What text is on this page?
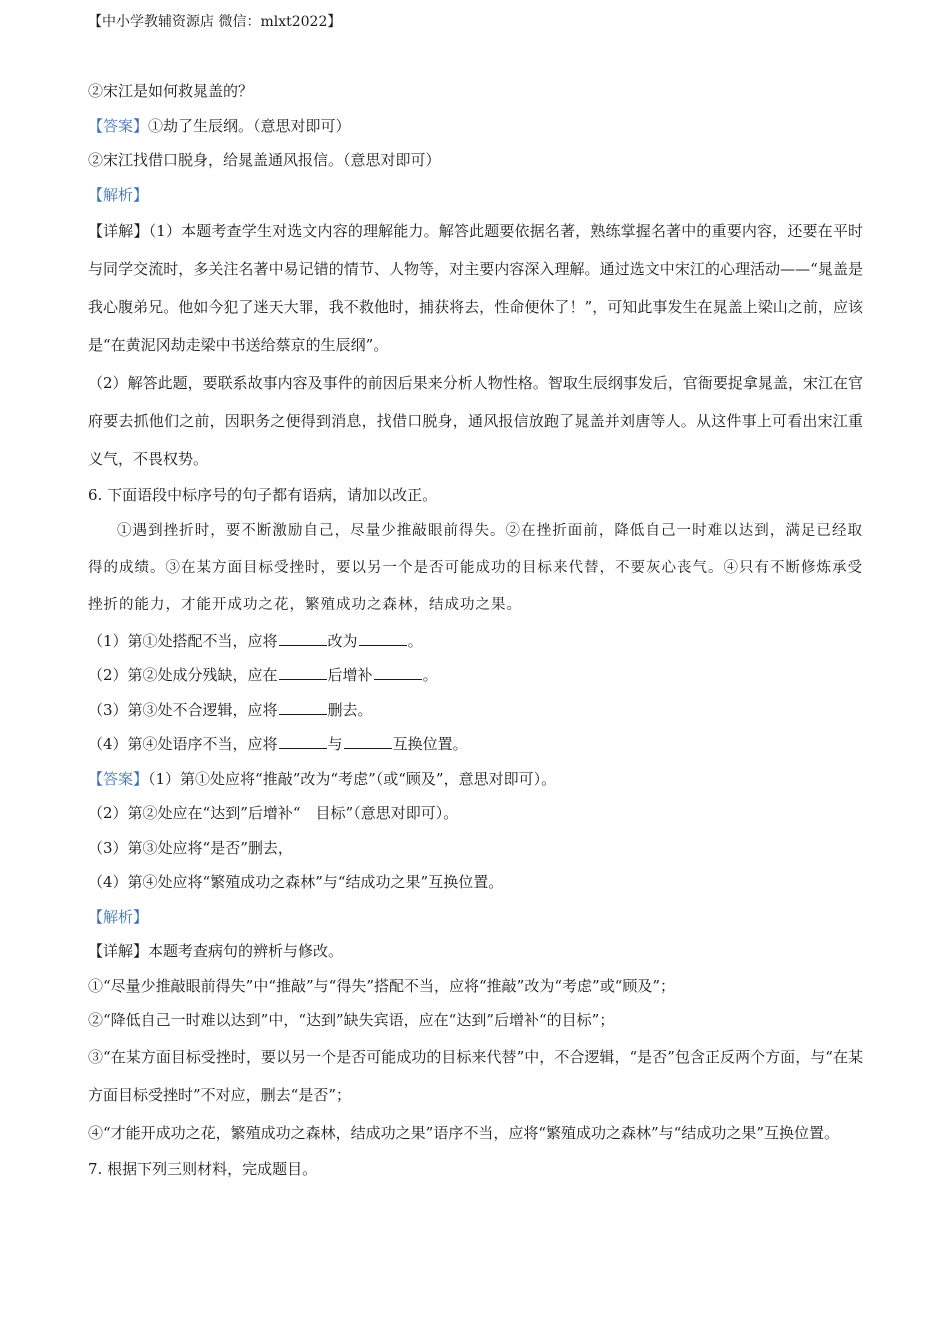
【中小学教辅资源店 微信：mlxt2022】
②宋江是如何救晁盖的？
【答案】①劫了生辰纲。（意思对即可）
②宋江找借口脱身，给晁盖通风报信。（意思对即可）
【解析】
【详解】（1）本题考查学生对选文内容的理解能力。解答此题要依据名著，熟练掌握名著中的重要内容，还要在平时与同学交流时，多关注名著中易记错的情节、人物等，对主要内容深入理解。通过选文中宋江的心理活动——“晁盖是我心腹弟兄。他如今犯了迷天大罪，我不救他时，捕获将去，性命便休了！”，可知此事发生在晁盖上梁山之前，应该是“在黄泥冈劫走梁中书送给蔡京的生辰纲”。
（2）解答此题，要联系故事内容及事件的前因后果来分析人物性格。智取生辰纲事发后，官衙要捉拿晁盖，宋江在官府要去抓他们之前，因职务之便得到消息，找借口脱身，通风报信放跑了晁盖并刘唐等人。从这件事上可看出宋江重义气，不畏权势。
6. 下面语段中标序号的句子都有语病，请加以改正。
①遇到挫折时，要不断激励自己，尽量少推敲眼前得失。②在挫折面前，降低自己一时难以达到，满足已经取得的成绩。③在某方面目标受挫时，要以另一个是否可能成功的目标来代替，不要灰心丧气。④只有不断修炼承受挫折的能力，才能开成功之花，繁殖成功之森林，结成功之果。
（1）第①处搭配不当，应将	改为	。
（2）第②处成分残缺，应在	后增补	。
（3）第③处不合逻辑，应将	删去。
（4）第④处语序不当，应将	与	互换位置。
【答案】（1）第①处应将“推敲”改为“考虑”（或“顾及”，意思对即可）。
（2）第②处应在“达到”后增补“　目标”（意思对即可）。
（3）第③处应将“是否”删去，
（4）第④处应将“繁殖成功之森林”与“结成功之果”互换位置。
【解析】
【详解】本题考查病句的辨析与修改。
①“尽量少推敲眼前得失”中“推敲”与“得失”搭配不当，应将“推敲”改为“考虑”或“顾及”；
②“降低自己一时难以达到”中，“达到”缺失宾语，应在“达到”后增补“的目标”；
③“在某方面目标受挫时，要以另一个是否可能成功的目标来代替”中，不合逻辑，“是否”包含正反两个方面，与“在某方面目标受挫时”不对应，删去“是否”；
④“才能开成功之花，繁殖成功之森林，结成功之果”语序不当，应将“繁殖成功之森林”与“结成功之果”互换位置。
7. 根据下列三则材料，完成题目。
